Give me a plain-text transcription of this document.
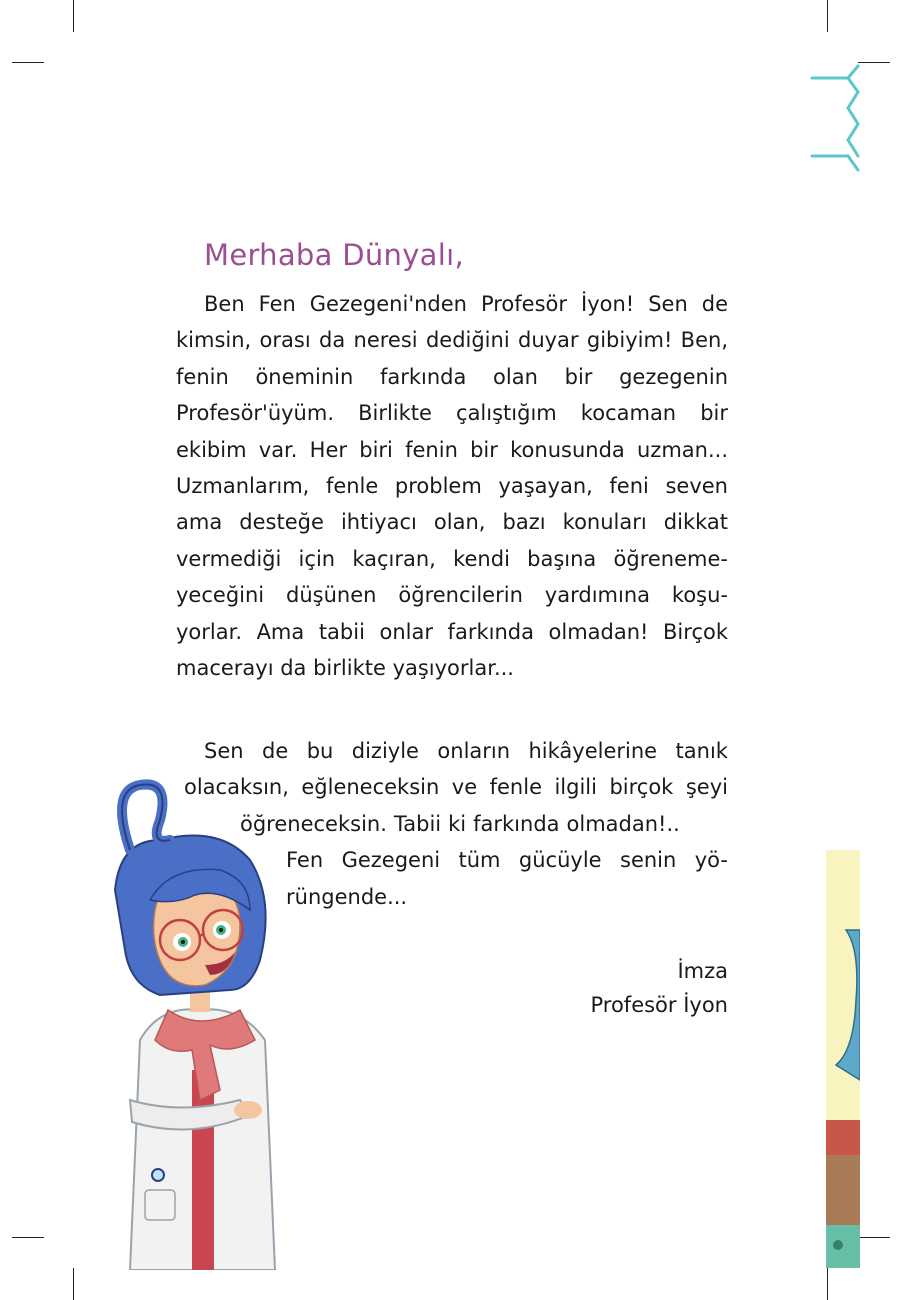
Merhaba Dünyalı,

Ben Fen Gezegeni'nden Profesör İyon! Sen de kimsin, orası da neresi dediğini duyar gibiyim! Ben, fenin öneminin farkında olan bir gezegenin Profesör'üyüm. Birlikte çalıştığım kocaman bir ekibim var. Her biri fenin bir konusunda uzman... Uzmanlarım, fenle problem yaşayan, feni seven ama desteğe ihtiyacı olan, bazı konuları dikkat vermediği için kaçıran, kendi başına öğreneme-yeceğini düşünen öğrencilerin yardımına koşu-yorlar. Ama tabii onlar farkında olmadan! Birçok macerayı da birlikte yaşıyorlar...

Sen de bu diziyle onların hikâyelerine tanık
olacaksın, eğleneceksin ve fenle ilgili birçok şeyi
öğreneceksin. Tabii ki farkında olmadan!..
Fen Gezegeni tüm gücüyle senin yö-
rüngende...
İmza
Profesör İyon
